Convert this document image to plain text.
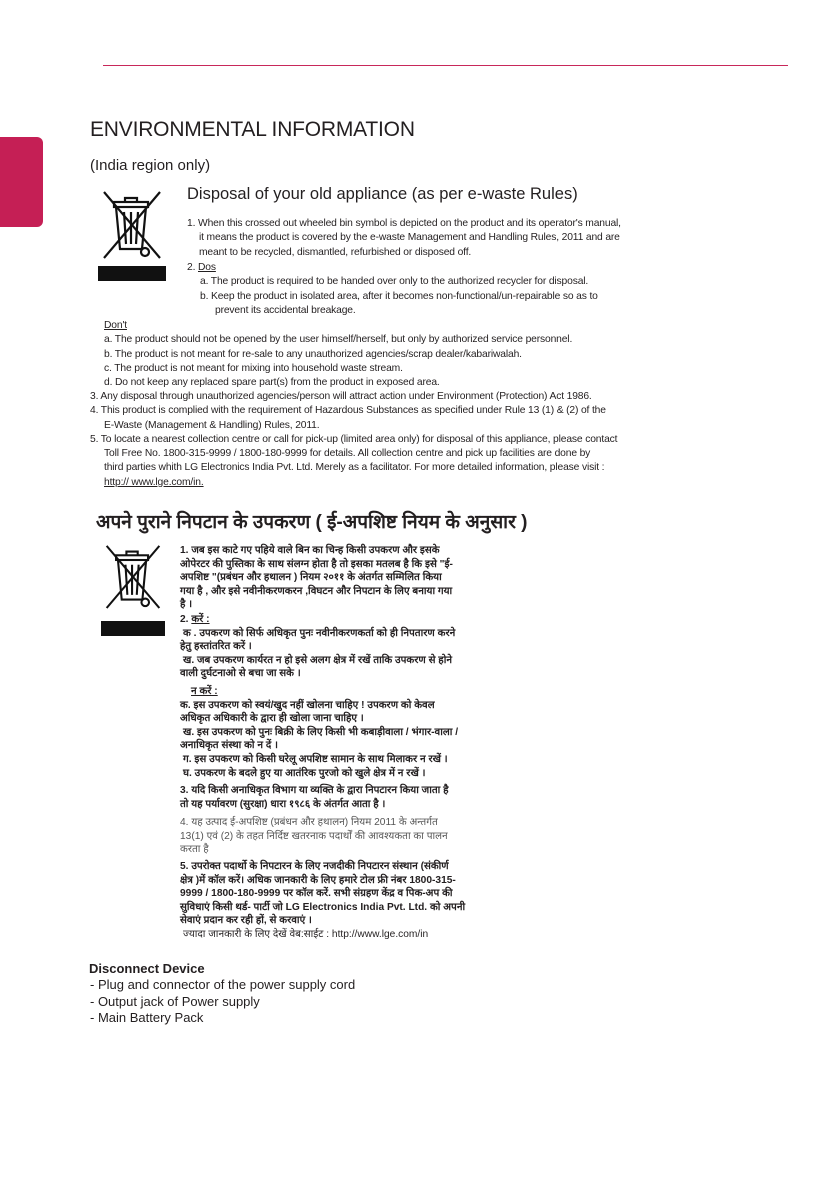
ENVIRONMENTAL INFORMATION
(India region only)
Disposal of your old appliance (as per e-waste Rules)

1. When this crossed out wheeled bin symbol is depicted on the product and its operator's manual,

it means the product is covered by the e-waste Management and Handling Rules, 2011 and are

meant to be recycled, dismantled, refurbished or disposed off.

2. Dos

a. The product is required to be handed over only to the authorized recycler for disposal.

b. Keep the product in isolated area, after it becomes non-functional/un-repairable so as to

prevent its accidental breakage.

Don't

a. The product should not be opened by the user himself/herself, but only by authorized service personnel.

b. The product is not meant for re-sale to any unauthorized agencies/scrap dealer/kabariwalah.

c. The product is not meant for mixing into household waste stream.

d. Do not keep any replaced spare part(s) from the product in exposed area.

3. Any disposal through unauthorized agencies/person will attract action under Environment (Protection) Act 1986.

4. This product is complied with the requirement of Hazardous Substances as specified under Rule 13 (1) & (2) of the

E-Waste (Management & Handling) Rules, 2011.

5. To locate a nearest collection centre or call for pick-up (limited area only) for disposal of this appliance, please contact

Toll Free No. 1800-315-9999 / 1800-180-9999 for details. All collection centre and pick up facilities are done by

third parties whith LG Electronics India Pvt. Ltd. Merely as a facilitator. For more detailed information, please visit :

http:// www.lge.com/in.

अपने पुराने निपटान के उपकरण ( ई-अपशिष्ट नियम के अनुसार )

1. जब इस काटे गए पहिये वाले बिन का चिन्ह किसी उपकरण और इसके

ओपेरटर की पुस्तिका के साथ संलग्न होता है तो इसका मतलब है कि इसे "ई-

अपशिष्ट "(प्रबंधन और हथालन ) नियम २०११ के अंतर्गत सम्मिलित किया

गया है , और इसे नवीनीकरणकरन ,विघटन और निपटान के लिए बनाया गया

है ।

2. करें :

क . उपकरण को सिर्फ अधिकृत पुनः नवीनीकरणकर्ता को ही निपतारण करने

हेतु हस्तांतरित करें ।

ख. जब उपकरण कार्यरत न हो इसे अलग क्षेत्र में रखें ताकि उपकरण से होने

वाली दुर्घटनाओ से बचा जा सके ।

न करें :

क. इस उपकरण को स्वयं/खुद नहीं खोलना चाहिए ! उपकरण को केवल

अधिकृत अधिकारी के द्वारा ही खोला जाना चाहिए ।

ख. इस उपकरण को पुनः बिक्री के लिए किसी भी कबाड़ीवाला / भंगार-वाला /

अनाधिकृत संस्था को न दें ।

ग. इस उपकरण को किसी घरेलू अपशिष्ट सामान के साथ मिलाकर न रखें ।

घ. उपकरण के बदले हुए या आतंरिक पुरजो को खुले क्षेत्र में न रखें ।

3. यदि किसी अनाधिकृत विभाग या व्यक्ति के द्वारा निपटारन किया जाता है

तो यह पर्यावरण (सुरक्षा) धारा १९८६ के अंतर्गत आता है ।

4. यह उत्पाद ई-अपशिष्ट (प्रबंधन और हथालन) नियम 2011 के अन्तर्गत

13(1) एवं (2) के तहत निर्दिष्ट खतरनाक पदार्थों की आवश्यकता का पालन

करता है

5. उपरोक्त पदार्थो के निपटारन के लिए नजदीकी निपटारन संस्थान (संकीर्ण

क्षेत्र )में कॉल करें। अधिक जानकारी के लिए हमारे टोल फ्री नंबर 1800-315-

9999 / 1800-180-9999 पर कॉल करें. सभी संग्रहण केंद्र व पिक-अप की

सुविधाएं किसी थर्ड- पार्टी जो LG Electronics India Pvt. Ltd. को अपनी

सेवाएं प्रदान कर रही हों, से करवाएं ।

ज्यादा जानकारी के लिए देखें वेब:साईट : http://www.lge.com/in

Disconnect Device

- Plug and connector of the power supply cord

- Output jack of Power supply

- Main Battery Pack
